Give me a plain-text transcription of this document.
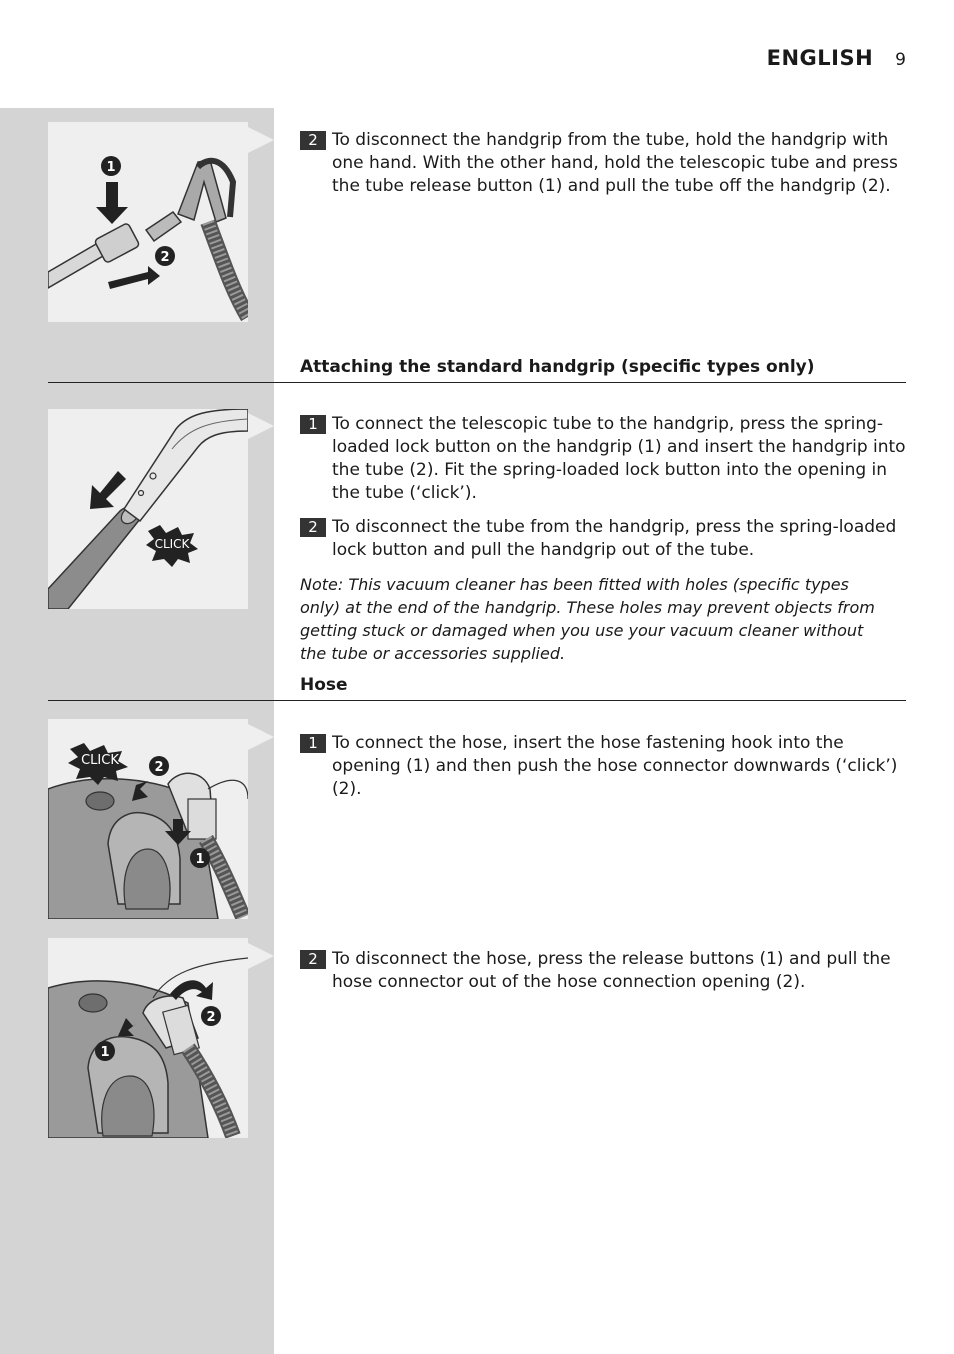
ENGLISH 9
1
2
2 To disconnect the handgrip from the tube, hold the handgrip with one hand. With the other hand, hold the telescopic tube and press the tube release button (1) and pull the tube off the handgrip (2).
Attaching the standard handgrip (specific types only)
CLICK
1 To connect the telescopic tube to the handgrip, press the spring-loaded lock button on the handgrip (1) and insert the handgrip into the tube (2). Fit the spring-loaded lock button into the opening in the tube (‘click’).
2 To disconnect the tube from the handgrip, press the spring-loaded lock button and pull the handgrip out of the tube.
Note: This vacuum cleaner has been fitted with holes (specific types only) at the end of the handgrip. These holes may prevent objects from getting stuck or damaged when you use your vacuum cleaner without the tube or accessories supplied.
Hose
CLICK	2
1
1 To connect the hose, insert the hose fastening hook into the opening (1) and then push the hose connector downwards (‘click’) (2).
1
2
2 To disconnect the hose, press the release buttons (1) and pull the hose connector out of the hose connection opening (2).
